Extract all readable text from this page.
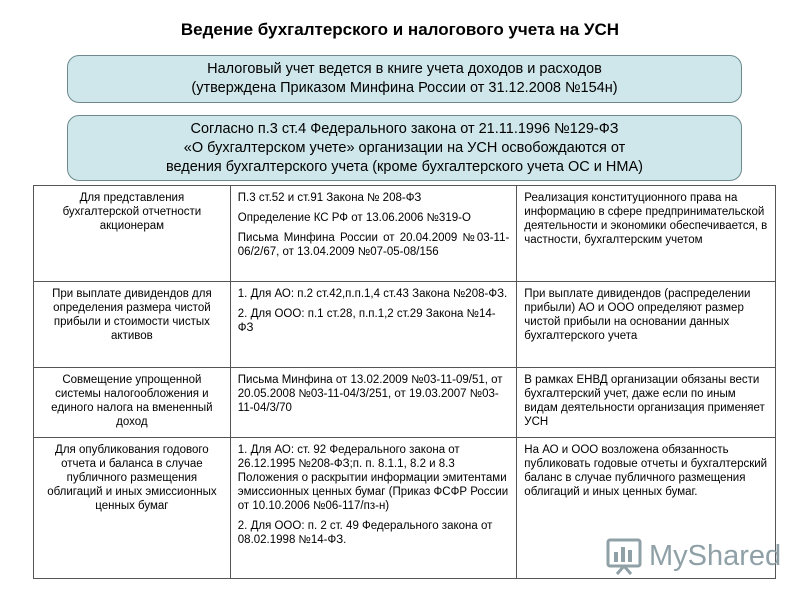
Ведение бухгалтерского и налогового учета на УСН
Налоговый учет ведется в книге учета доходов и расходов
(утверждена Приказом Минфина России от 31.12.2008 №154н)
Согласно п.3 ст.4 Федерального закона от 21.11.1996 №129-ФЗ
«О бухгалтерском учете» организации на УСН освобождаются от
ведения бухгалтерского учета (кроме бухгалтерского учета ОС и НМА)
Для представления бухгалтерской отчетности акционерам	П.3 ст.52 и ст.91 Закона № 208-ФЗ

Определение КС РФ от 13.06.2006 №319-О

Письма Минфина России от 20.04.2009 №03-11-06/2/67, от 13.04.2009 №07-05-08/156	Реализация конституционного права на информацию в сфере предпринимательской деятельности и экономики обеспечивается, в частности, бухгалтерским учетом
При выплате дивидендов для определения размера чистой прибыли и стоимости чистых активов	1. Для АО: п.2 ст.42,п.п.1,4 ст.43 Закона №208-ФЗ.

2. Для ООО: п.1 ст.28, п.п.1,2 ст.29 Закона №14-ФЗ	При выплате дивидендов (распределении прибыли) АО и ООО определяют размер чистой прибыли на основании данных бухгалтерского учета
Совмещение упрощенной системы налогообложения и единого налога на вмененный доход	Письма Минфина от 13.02.2009 №03-11-09/51, от 20.05.2008 №03-11-04/3/251, от 19.03.2007 №03-11-04/3/70	В рамках ЕНВД организации обязаны вести бухгалтерский учет, даже если по иным видам деятельности организация применяет УСН
Для опубликования годового отчета и баланса в случае публичного размещения облигаций и иных эмиссионных ценных бумаг	1. Для АО: ст. 92 Федерального закона от 26.12.1995 №208-ФЗ;п. п. 8.1.1, 8.2 и 8.3 Положения о раскрытии информации эмитентами эмиссионных ценных бумаг (Приказ ФСФР России от 10.10.2006 №06-117/пз-н)

2. Для ООО: п. 2 ст. 49 Федерального закона от 08.02.1998 №14-ФЗ.	На АО и ООО возложена обязанность публиковать годовые отчеты и бухгалтерский баланс в случае публичного размещения облигаций и иных ценных бумаг.
MyShared
